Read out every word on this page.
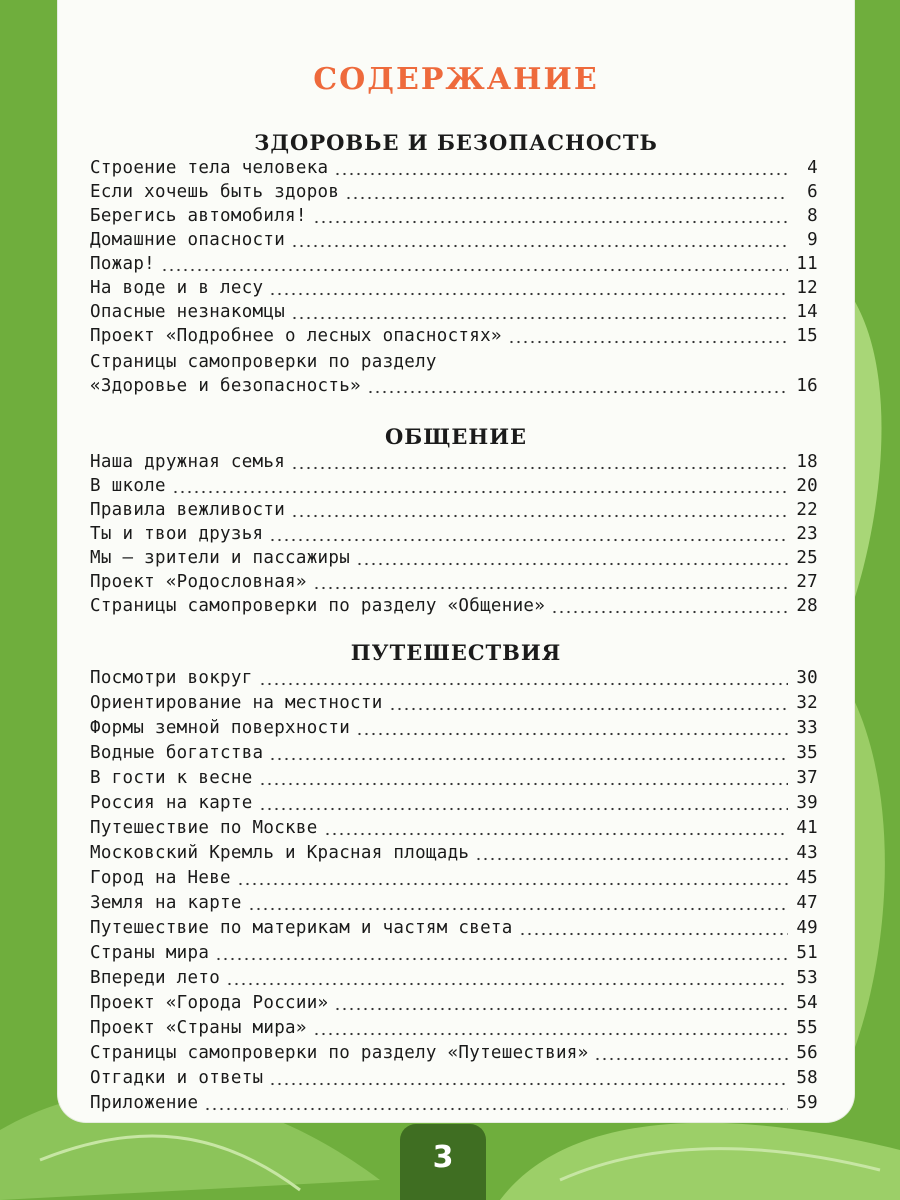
СОДЕРЖАНИЕ
ЗДОРОВЬЕ И БЕЗОПАСНОСТЬ
Строение тела человека	4
Если хочешь быть здоров	6
Берегись автомобиля!	8
Домашние опасности	9
Пожар!	11
На воде и в лесу	12
Опасные незнакомцы	14
Проект «Подробнее о лесных опасностях»	15
Страницы самопроверки по разделу
«Здоровье и безопасность»	16
ОБЩЕНИЕ
Наша дружная семья	18
В школе	20
Правила вежливости	22
Ты и твои друзья	23
Мы — зрители и пассажиры	25
Проект «Родословная»	27
Страницы самопроверки по разделу «Общение»	28
ПУТЕШЕСТВИЯ
Посмотри вокруг	30
Ориентирование на местности	32
Формы земной поверхности	33
Водные богатства	35
В гости к весне	37
Россия на карте	39
Путешествие по Москве	41
Московский Кремль и Красная площадь	43
Город на Неве	45
Земля на карте	47
Путешествие по материкам и частям света	49
Страны мира	51
Впереди лето	53
Проект «Города России»	54
Проект «Страны мира»	55
Страницы самопроверки по разделу «Путешествия»	56
Отгадки и ответы	58
Приложение	59
3
